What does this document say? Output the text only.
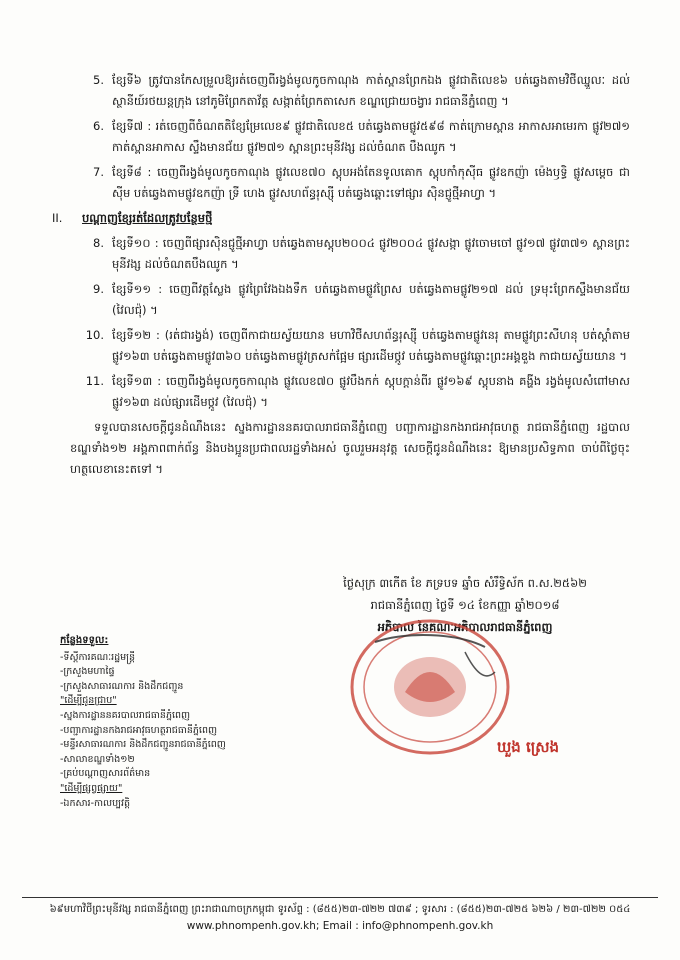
5. ខ្សែទី៦ ត្រូវបានកែសម្រួលឱ្យរត់ចេញពីរង្វង់មូលកូចកាណុង កាត់ស្ពានព្រែកឯង ផ្លូវជាតិលេខ៦ បត់ឆ្វេងតាមវិថីឈ្នួលៈ ដល់ស្ថានីយ៍រថយន្តក្រុង នៅភូមិព្រែកតាវ័ត្ត សង្កាត់ព្រែកតាសេក ខណ្ឌជ្រោយចង្វារ រាជធានីភ្នំពេញ ។
6. ខ្សែទី៧ : រត់ចេញពីចំណតតិខ្សែម្រែលេខ៩ ផ្លូវជាតិលេខ៥ បត់ឆ្វេងតាមផ្លូវ៥៩៨ កាត់ក្រោមស្ពាន អាកាសអាមេរកា ផ្លូវ២៧១ កាត់ស្ពានអាកាស ស្ទឹងមានជ័យ ផ្លូវ២៧១ ស្ពានព្រះមុនីវង្ស ដល់ចំណត បឹងឈូក ។
7. ខ្សែទី៨ : ចេញពីរង្វង់មូលកូចកាណុង ផ្លូវលេខ៧០ ស្តុបអង់តែនទូលគោក ស្តុបកាំកុស៊ីធ ផ្លូវឧកញ៉ា ម៉េងឫទ្ធិ ផ្លូវសម្តេច ជា ស៊ីម បត់ឆ្វេងតាមផ្លូវឧកញ៉ា ទ្រី ហេង ផ្លូវសហព័ន្ធរុស្ស៊ី បត់ឆ្វេងឆ្ពោះទៅផ្សារ ស៊ិនជ្ញូថ្មីអាហ្វា ។
II.	បណ្ដាញខ្សែរត់ដែលត្រូវបន្ថែមថ្មី
8. ខ្សែទី១០ : ចេញពីផ្សារស៊ិនជ្ញូថ្មីអាហ្វា បត់ឆ្វេងតាមស្តុប២០០៤ ផ្លូវ២០០៤ ផ្លូវសង្កា ផ្លូវចោមចៅ ផ្លូវ១៧ ផ្លូវ៣៧១ ស្ពានព្រះមុនីវង្ស ដល់ចំណតបឹងឈូក ។
9. ខ្សែទី១១ : ចេញពីវត្តស្លែង ផ្លូវព្រៃវែងឯងទឹក បត់ឆ្វេងតាមផ្លូវព្រៃស បត់ឆ្វេងតាមផ្លូវ២១៧ ដល់ ទ្រមុះព្រែកស្ទឹងមានជ័យ (វៃលជ៉ុ) ។
10. ខ្សែទី១២ : (រត់ជារង្វង់) ចេញពីកាជាយស្វ័យយាន មហាវិថីសហព័ន្ធរុស្ស៊ី បត់ឆ្វេងតាមផ្លូវនេរុ តាមផ្លូវព្រះសីហនុ បត់ស្តាំតាមផ្លូវ១៦៣ បត់ឆ្វេងតាមផ្លូវ៣៦០ បត់ឆ្វេងតាមផ្លូវត្រសក់ផ្អែម ផ្សារដើមថ្កូវ បត់ឆ្វេងតាមផ្លូវឆ្ពោះព្រះអង្គឌួង កាជាយស្វ័យយាន ។
11. ខ្សែទី១៣ : ចេញពីរង្វង់មូលកូចកាណុង ផ្លូវលេខ៧០ ផ្លូវបឹងកក់ ស្តុបក្តាន់ពីរ ផ្លូវ១៦៩ ស្តុបនាង គង្ហីង រង្វង់មូលសំពៅមាស ផ្លូវ១៦៣ ដល់ផ្សារដើមថ្កូវ (វៃលជ៉ុ) ។
ទទួលបានសេចក្ដីជូនដំណឹងនេះ ស្នងការដ្ឋាននគរបាលរាជធានីភ្នំពេញ បញ្ជាការដ្ឋានកងរាជអាវុធហត្ថ រាជធានីភ្នំពេញ រដ្ឋបាលខណ្ឌទាំង១២ អង្គភាពពាក់ព័ន្ធ និងបងប្អូនប្រជាពលរដ្ឋទាំងអស់ ចូលរួមអនុវត្ត សេចក្ដីជូនដំណឹងនេះ ឱ្យមានប្រសិទ្ធភាព ចាប់ពីថ្ងៃចុះហត្ថលេខានេះតទៅ ។
ថ្ងៃសុក្រ ៣កើត ខែ ភទ្របទ ឆ្នាំច សំរឹទ្ធិស័ក ព.ស.២៥៦២
រាជធានីភ្នំពេញ ថ្ងៃទី ១៤ ខែកញ្ញា ឆ្នាំ២០១៨
អភិបាល នៃគណៈអភិបាលរាជធានីភ្នំពេញ
ឃួង ស្រេង
កន្លែងទទួល:
-ទីស្ដីការគណៈរដ្ឋមន្ត្រី
-ក្រសួងមហាផ្ទៃ
-ក្រសួងសាធារណការ និងដឹកជញ្ជូន
"ដើម្បីជូនជ្រាប"
-ស្នងការដ្ឋាននគរបាលរាជធានីភ្នំពេញ
-បញ្ជាការដ្ឋានកងរាជអាវុធហត្ថរាជធានីភ្នំពេញ
-មន្ទីរសាធារណការ និងដឹកជញ្ជូនរាជធានីភ្នំពេញ
-សាលាខណ្ឌទាំង១២
-គ្រប់បណ្ដាញសារព័ត៌មាន
"ដើម្បីផ្សព្វផ្សាយ"
-ឯកសារ-កាលប្បវត្តិ
៦៩មហាវិថីព្រះមុនីវង្ស រាជធានីភ្នំពេញ ព្រះរាជាណាចក្រកម្ពុជា ទូរស័ព្ទ : (៨៥៥)២៣-៧២២ ៧៣៩ ; ទូរសារ : (៨៥៥)២៣-៧២៥ ៦២៦ / ២៣-៧២២ ០៥៤
www.phnompenh.gov.kh; Email : info@phnompenh.gov.kh
